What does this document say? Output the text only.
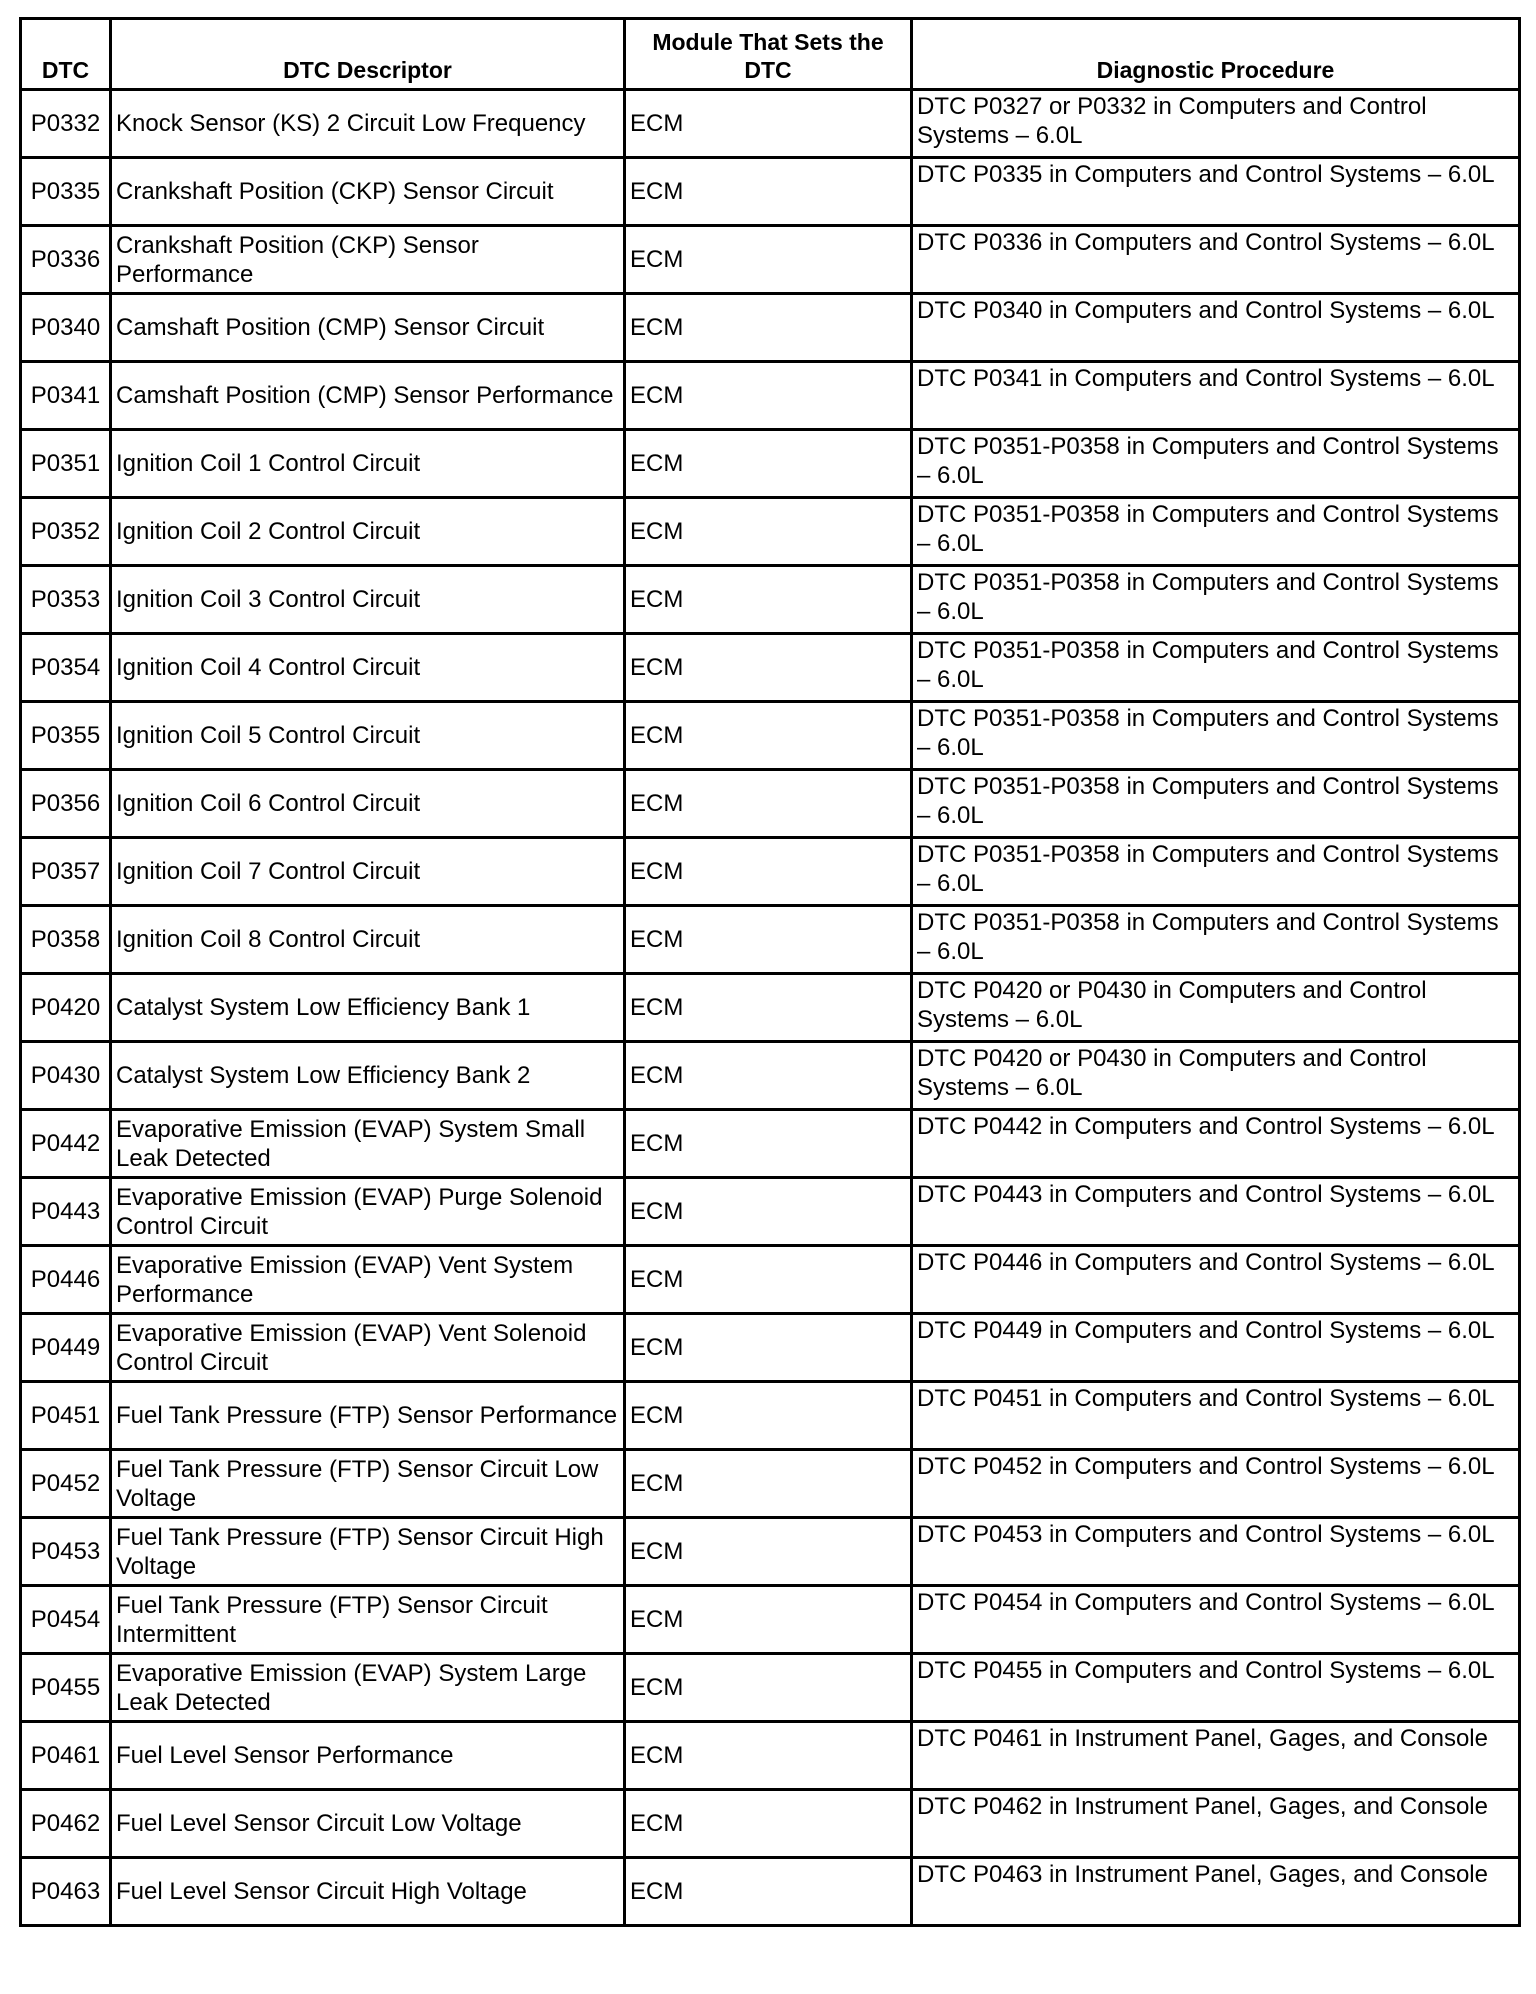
DTC	DTC Descriptor	Module That Sets the DTC	Diagnostic Procedure
P0332	Knock Sensor (KS) 2 Circuit Low Frequency	ECM	DTC P0327 or P0332 in Computers and Control Systems – 6.0L
P0335	Crankshaft Position (CKP) Sensor Circuit	ECM	DTC P0335 in Computers and Control Systems – 6.0L
P0336	Crankshaft Position (CKP) Sensor Performance	ECM	DTC P0336 in Computers and Control Systems – 6.0L
P0340	Camshaft Position (CMP) Sensor Circuit	ECM	DTC P0340 in Computers and Control Systems – 6.0L
P0341	Camshaft Position (CMP) Sensor Performance	ECM	DTC P0341 in Computers and Control Systems – 6.0L
P0351	Ignition Coil 1 Control Circuit	ECM	DTC P0351-P0358 in Computers and Control Systems – 6.0L
P0352	Ignition Coil 2 Control Circuit	ECM	DTC P0351-P0358 in Computers and Control Systems – 6.0L
P0353	Ignition Coil 3 Control Circuit	ECM	DTC P0351-P0358 in Computers and Control Systems – 6.0L
P0354	Ignition Coil 4 Control Circuit	ECM	DTC P0351-P0358 in Computers and Control Systems – 6.0L
P0355	Ignition Coil 5 Control Circuit	ECM	DTC P0351-P0358 in Computers and Control Systems – 6.0L
P0356	Ignition Coil 6 Control Circuit	ECM	DTC P0351-P0358 in Computers and Control Systems – 6.0L
P0357	Ignition Coil 7 Control Circuit	ECM	DTC P0351-P0358 in Computers and Control Systems – 6.0L
P0358	Ignition Coil 8 Control Circuit	ECM	DTC P0351-P0358 in Computers and Control Systems – 6.0L
P0420	Catalyst System Low Efficiency Bank 1	ECM	DTC P0420 or P0430 in Computers and Control Systems – 6.0L
P0430	Catalyst System Low Efficiency Bank 2	ECM	DTC P0420 or P0430 in Computers and Control Systems – 6.0L
P0442	Evaporative Emission (EVAP) System Small Leak Detected	ECM	DTC P0442 in Computers and Control Systems – 6.0L
P0443	Evaporative Emission (EVAP) Purge Solenoid Control Circuit	ECM	DTC P0443 in Computers and Control Systems – 6.0L
P0446	Evaporative Emission (EVAP) Vent System Performance	ECM	DTC P0446 in Computers and Control Systems – 6.0L
P0449	Evaporative Emission (EVAP) Vent Solenoid Control Circuit	ECM	DTC P0449 in Computers and Control Systems – 6.0L
P0451	Fuel Tank Pressure (FTP) Sensor Performance	ECM	DTC P0451 in Computers and Control Systems – 6.0L
P0452	Fuel Tank Pressure (FTP) Sensor Circuit Low Voltage	ECM	DTC P0452 in Computers and Control Systems – 6.0L
P0453	Fuel Tank Pressure (FTP) Sensor Circuit High Voltage	ECM	DTC P0453 in Computers and Control Systems – 6.0L
P0454	Fuel Tank Pressure (FTP) Sensor Circuit Intermittent	ECM	DTC P0454 in Computers and Control Systems – 6.0L
P0455	Evaporative Emission (EVAP) System Large Leak Detected	ECM	DTC P0455 in Computers and Control Systems – 6.0L
P0461	Fuel Level Sensor Performance	ECM	DTC P0461 in Instrument Panel, Gages, and Console
P0462	Fuel Level Sensor Circuit Low Voltage	ECM	DTC P0462 in Instrument Panel, Gages, and Console
P0463	Fuel Level Sensor Circuit High Voltage	ECM	DTC P0463 in Instrument Panel, Gages, and Console
